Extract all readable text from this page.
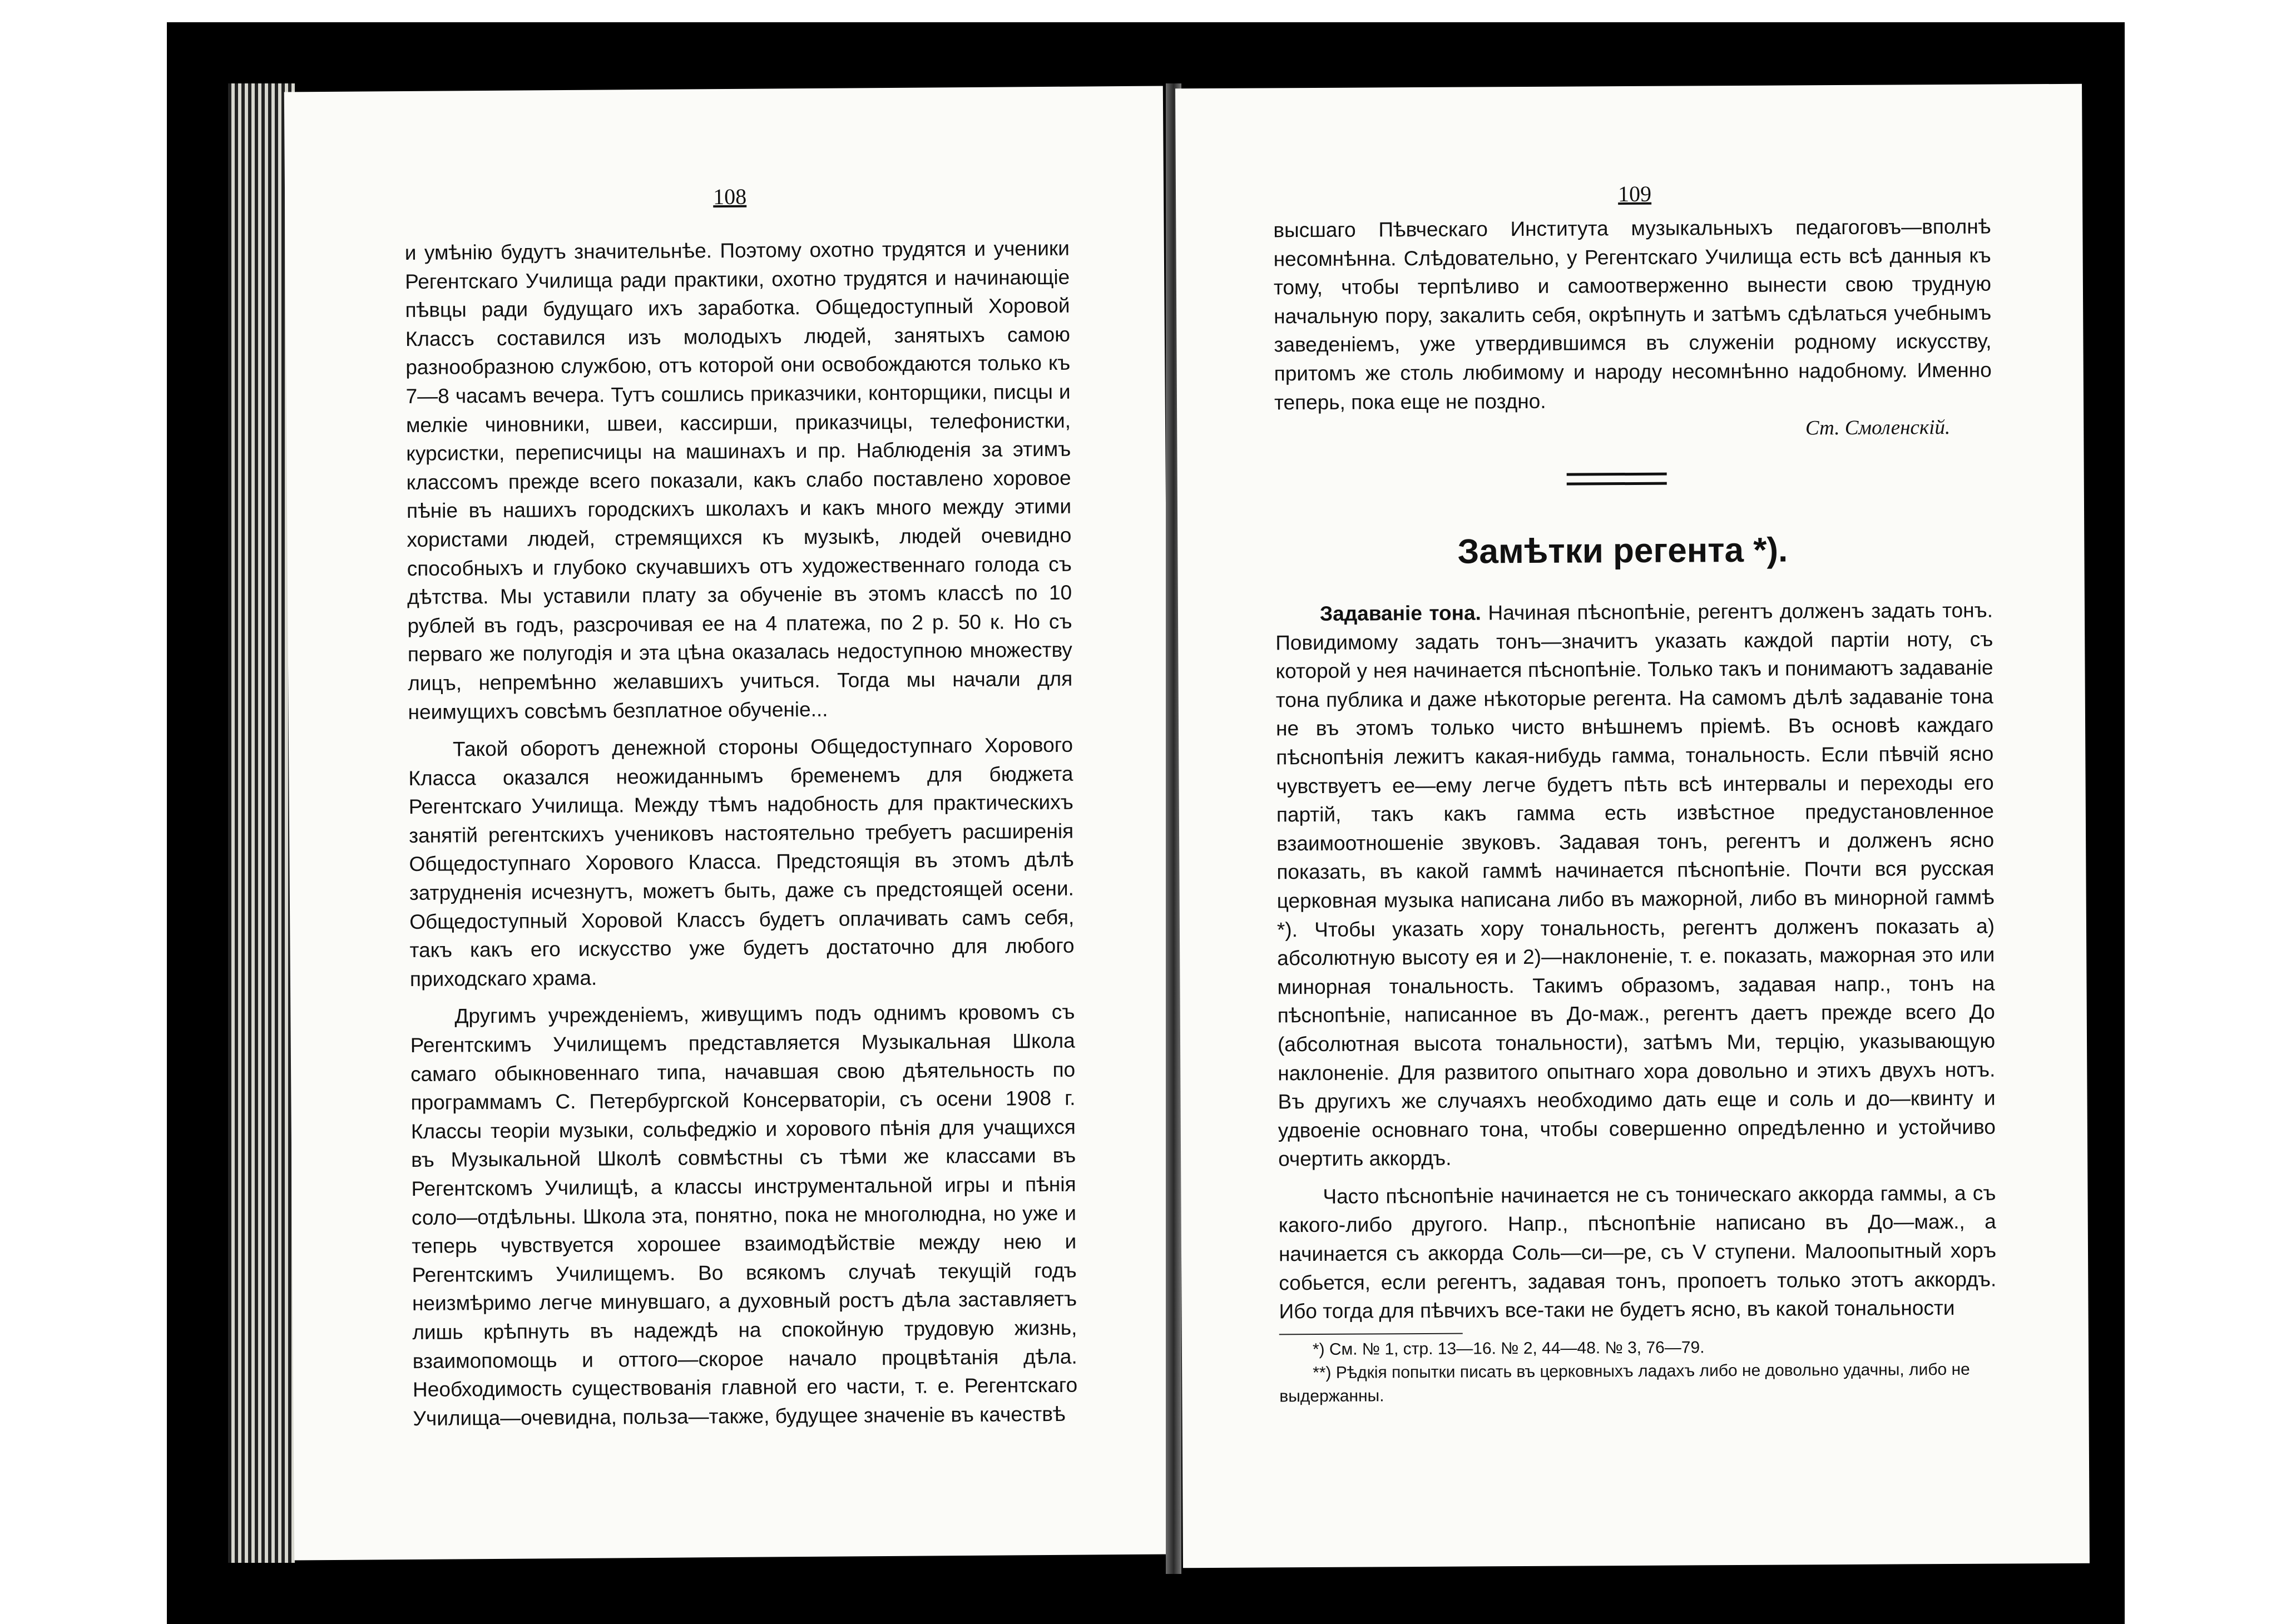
108

и умѣнію будутъ значительнѣе. Поэтому охотно трудятся и ученики Регентскаго Училища ради практики, охотно трудятся и начинающіе пѣвцы ради будущаго ихъ заработка. Общедоступный Хоровой Классъ составился изъ молодыхъ людей, занятыхъ самою разнообразною службою, отъ которой они освобождаются только къ 7—8 часамъ вечера. Тутъ сошлись приказчики, конторщики, писцы и мелкіе чиновники, швеи, кассирши, приказчицы, телефонистки, курсистки, переписчицы на машинахъ и пр. Наблюденія за этимъ классомъ прежде всего показали, какъ слабо поставлено хоровое пѣніе въ нашихъ городскихъ школахъ и какъ много между этими хористами людей, стремящихся къ музыкѣ, людей очевидно способныхъ и глубоко скучавшихъ отъ художественнаго голода съ дѣтства. Мы уставили плату за обученіе въ этомъ классѣ по 10 рублей въ годъ, разсрочивая ее на 4 платежа, по 2 р. 50 к. Но съ перваго же полугодія и эта цѣна оказалась недоступною множеству лицъ, непремѣнно желавшихъ учиться. Тогда мы начали для неимущихъ совсѣмъ безплатное обученіе...

Такой оборотъ денежной стороны Общедоступнаго Хорового Класса оказался неожиданнымъ бременемъ для бюджета Регентскаго Училища. Между тѣмъ надобность для практическихъ занятій регентскихъ учениковъ настоятельно требуетъ расширенія Общедоступнаго Хорового Класса. Предстоящія въ этомъ дѣлѣ затрудненія исчезнутъ, можетъ быть, даже съ предстоящей осени. Общедоступный Хоровой Классъ будетъ оплачивать самъ себя, такъ какъ его искусство уже будетъ достаточно для любого приходскаго храма.

Другимъ учрежденіемъ, живущимъ подъ однимъ кровомъ съ Регентскимъ Училищемъ представляется Музыкальная Школа самаго обыкновеннаго типа, начавшая свою дѣятельность по программамъ С. Петербургской Консерваторіи, съ осени 1908 г. Классы теоріи музыки, сольфеджіо и хорового пѣнія для учащихся въ Музыкальной Школѣ совмѣстны съ тѣми же классами въ Регентскомъ Училищѣ, а классы инструментальной игры и пѣнія соло—отдѣльны. Школа эта, понятно, пока не многолюдна, но уже и теперь чувствуется хорошее взаимодѣйствіе между нею и Регентскимъ Училищемъ. Во всякомъ случаѣ текущій годъ неизмѣримо легче минувшаго, а духовный ростъ дѣла заставляетъ лишь крѣпнуть въ надеждѣ на спокойную трудовую жизнь, взаимопомощь и оттого—скорое начало процвѣтанія дѣла. Необходимость существованія главной его части, т. е. Регентскаго Училища—очевидна, польза—также, будущее значеніе въ качествѣ

109

высшаго Пѣвческаго Института музыкальныхъ педагоговъ—вполнѣ несомнѣнна. Слѣдовательно, у Регентскаго Училища есть всѣ данныя къ тому, чтобы терпѣливо и самоотверженно вынести свою трудную начальную пору, закалить себя, окрѣпнуть и затѣмъ сдѣлаться учебнымъ заведеніемъ, уже утвердившимся въ служеніи родному искусству, притомъ же столь любимому и народу несомнѣнно надобному. Именно теперь, пока еще не поздно.

Ст. Смоленскій.
Замѣтки регента *).

Задаваніе тона. Начиная пѣснопѣніе, регентъ долженъ задать тонъ. Повидимому задать тонъ—значитъ указать каждой партіи ноту, съ которой у нея начинается пѣснопѣніе. Только такъ и понимаютъ задаваніе тона публика и даже нѣкоторые регента. На самомъ дѣлѣ задаваніе тона не въ этомъ только чисто внѣшнемъ пріемѣ. Въ основѣ каждаго пѣснопѣнія лежитъ какая-нибудь гамма, тональность. Если пѣвчій ясно чувствуетъ ее—ему легче будетъ пѣть всѣ интервалы и переходы его партій, такъ какъ гамма есть извѣстное предустановленное взаимоотношеніе звуковъ. Задавая тонъ, регентъ и долженъ ясно показать, въ какой гаммѣ начинается пѣснопѣніе. Почти вся русская церковная музыка написана либо въ мажорной, либо въ минорной гаммѣ *). Чтобы указать хору тональность, регентъ долженъ показать а) абсолютную высоту ея и 2)—наклоненіе, т. е. показать, мажорная это или минорная тональность. Такимъ образомъ, задавая напр., тонъ на пѣснопѣніе, написанное въ До-маж., регентъ даетъ прежде всего До (абсолютная высота тональности), затѣмъ Ми, терцію, указывающую наклоненіе. Для развитого опытнаго хора довольно и этихъ двухъ нотъ. Въ другихъ же случаяхъ необходимо дать еще и соль и до—квинту и удвоеніе основнаго тона, чтобы совершенно опредѣленно и устойчиво очертить аккордъ.

Часто пѣснопѣніе начинается не съ тоническаго аккорда гаммы, а съ какого-либо другого. Напр., пѣснопѣніе написано въ До—маж., а начинается съ аккорда Соль—си—ре, съ V ступени. Малоопытный хоръ собьется, если регентъ, задавая тонъ, пропоетъ только этотъ аккордъ. Ибо тогда для пѣвчихъ все-таки не будетъ ясно, въ какой тональности

*) См. № 1, стр. 13—16. № 2, 44—48. № 3, 76—79.

**) Рѣдкія попытки писать въ церковныхъ ладахъ либо не довольно удачны, либо не выдержанны.
